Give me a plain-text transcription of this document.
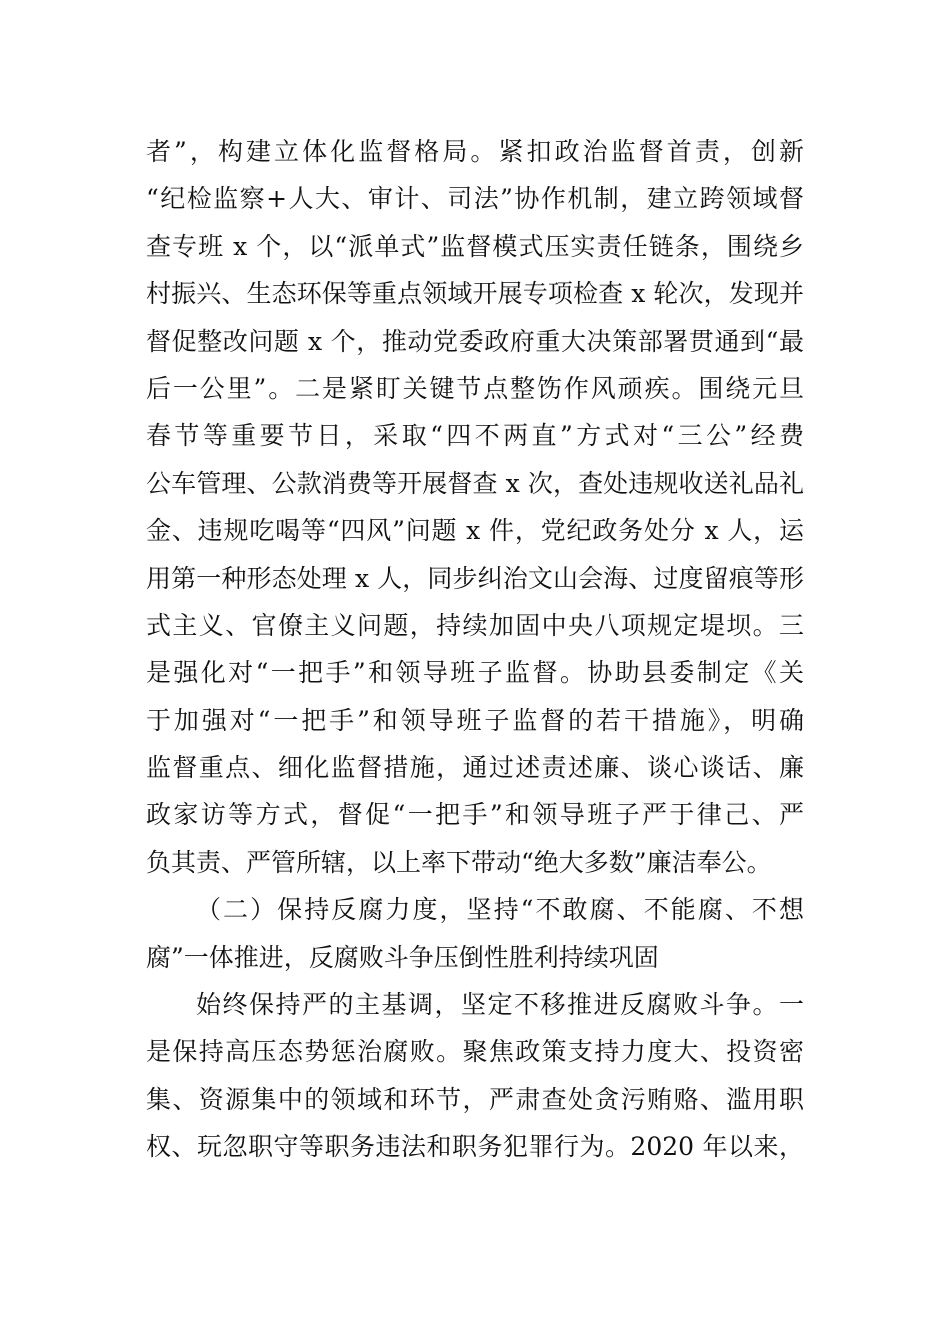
者”，构建立体化监督格局。紧扣政治监督首责，创新
“纪检监察+人大、审计、司法”协作机制，建立跨领域督
查专班 x 个，以“派单式”监督模式压实责任链条，围绕乡
村振兴、生态环保等重点领域开展专项检查 x 轮次，发现并
督促整改问题 x 个，推动党委政府重大决策部署贯通到“最
后一公里”。二是紧盯关键节点整饬作风顽疾。围绕元旦
春节等重要节日，采取“四不两直”方式对“三公”经费
公车管理、公款消费等开展督查 x 次，查处违规收送礼品礼
金、违规吃喝等“四风”问题 x 件，党纪政务处分 x 人，运
用第一种形态处理 x 人，同步纠治文山会海、过度留痕等形
式主义、官僚主义问题，持续加固中央八项规定堤坝。三
是强化对“一把手”和领导班子监督。协助县委制定《关
于加强对“一把手”和领导班子监督的若干措施》，明确
监督重点、细化监督措施，通过述责述廉、谈心谈话、廉
政家访等方式，督促“一把手”和领导班子严于律己、严
负其责、严管所辖，以上率下带动“绝大多数”廉洁奉公。
（二）保持反腐力度，坚持“不敢腐、不能腐、不想
腐”一体推进，反腐败斗争压倒性胜利持续巩固
始终保持严的主基调，坚定不移推进反腐败斗争。一
是保持高压态势惩治腐败。聚焦政策支持力度大、投资密
集、资源集中的领域和环节，严肃查处贪污贿赂、滥用职
权、玩忽职守等职务违法和职务犯罪行为。2020 年以来，
